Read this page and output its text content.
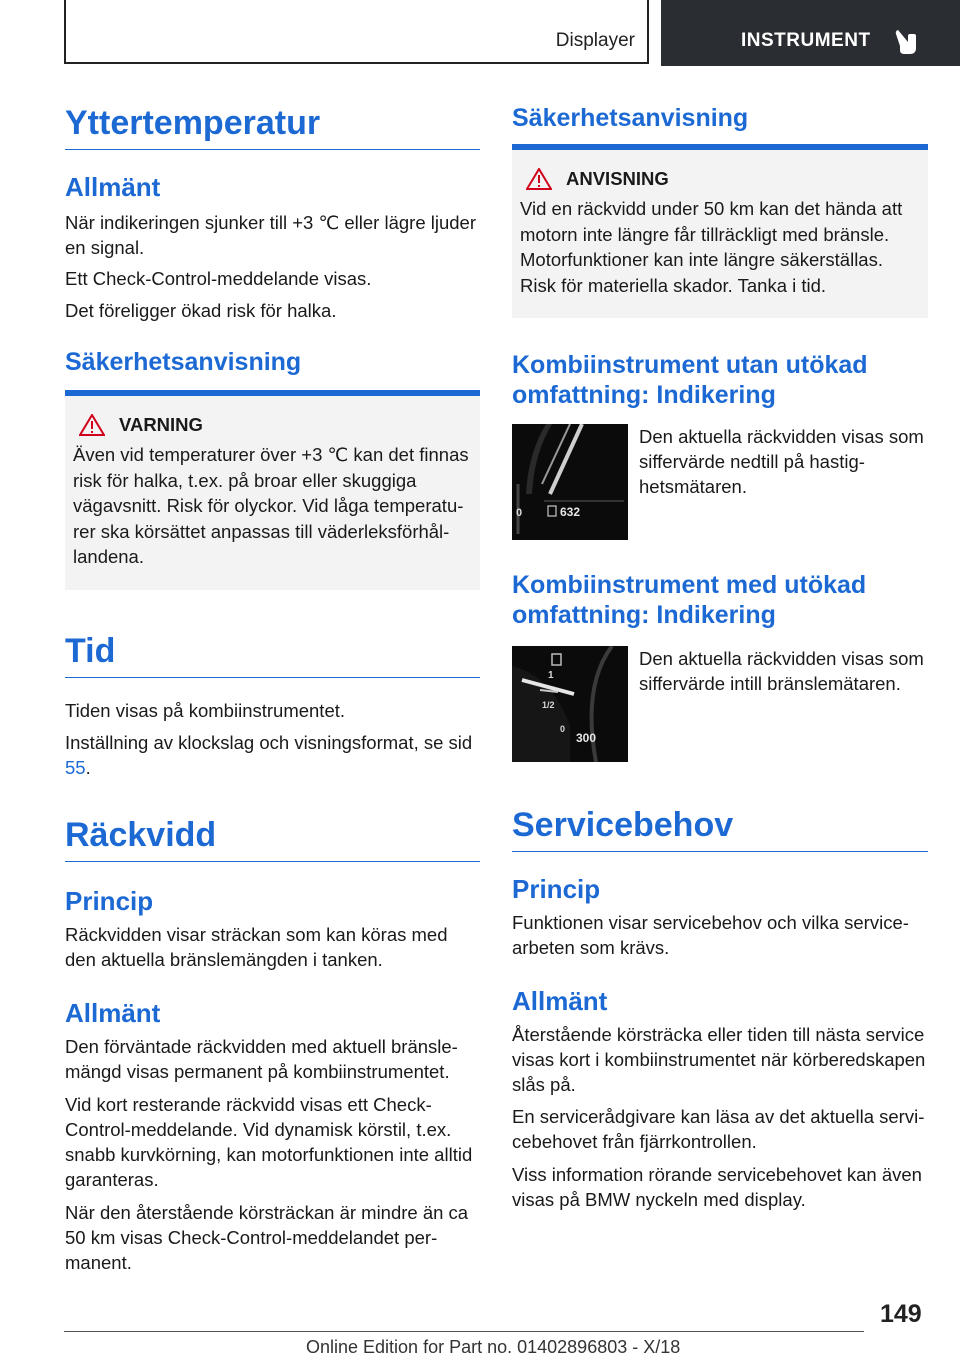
Displayer	INSTRUMENT
Yttertemperatur
Allmänt

När indikeringen sjunker till +3 ℃ eller lägre ljuder en signal.

Ett Check-Control-meddelande visas.

Det föreligger ökad risk för halka.

Säkerhetsanvisning
VARNING
Även vid temperaturer över +3 ℃ kan det finnas risk för halka, t.ex. på broar eller skuggiga vägavsnitt. Risk för olyckor. Vid låga temperaturer ska körsättet anpassas till väderleksförhållandena.
Tid

Tiden visas på kombiinstrumentet.

Inställning av klockslag och visningsformat, se sid 55.

Räckvidd
Princip

Räckvidden visar sträckan som kan köras med den aktuella bränslemängden i tanken.

Allmänt

Den förväntade räckvidden med aktuell bränslemängd visas permanent på kombiinstrumentet.

Vid kort resterande räckvidd visas ett Check-Control-meddelande. Vid dynamisk körstil, t.ex. snabb kurvkörning, kan motorfunktionen inte alltid garanteras.

När den återstående körsträckan är mindre än ca 50 km visas Check-Control-meddelandet permanent.

Säkerhetsanvisning
ANVISNING
Vid en räckvidd under 50 km kan det hända att motorn inte längre får tillräckligt med bränsle. Motorfunktioner kan inte längre säkerställas. Risk för materiella skador. Tanka i tid.
Kombiinstrument utan utökad omfattning: Indikering
0	632
Den aktuella räckvidden visas som siffervärde nedtill på hastighetsmätaren.
Kombiinstrument med utökad omfattning: Indikering
1
1/2
0
300
Den aktuella räckvidden visas som siffervärde intill bränslemätaren.
Servicebehov
Princip

Funktionen visar servicebehov och vilka servicearbeten som krävs.

Allmänt

Återstående körsträcka eller tiden till nästa service visas kort i kombiinstrumentet när körberedskapen slås på.

En servicerådgivare kan läsa av det aktuella servicebehovet från fjärrkontrollen.

Viss information rörande servicebehovet kan även visas på BMW nyckeln med display.

149
Online Edition for Part no. 01402896803 - X/18
